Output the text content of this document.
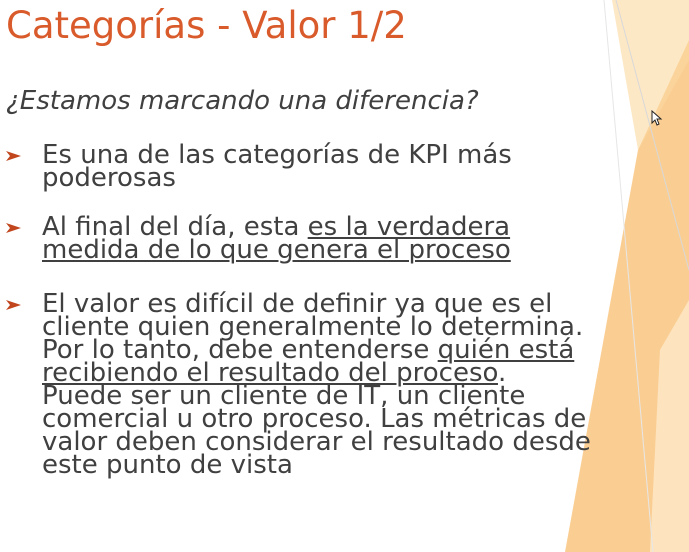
Categorías - Valor 1/2

¿Estamos marcando una diferencia?

Es una de las categorías de KPI más
poderosas

Al final del día, esta es la verdadera
medida de lo que genera el proceso

El valor es difícil de definir ya que es el
cliente quien generalmente lo determina.
Por lo tanto, debe entenderse quién está
recibiendo el resultado del proceso.
Puede ser un cliente de IT, un cliente
comercial u otro proceso. Las métricas de
valor deben considerar el resultado desde
este punto de vista
